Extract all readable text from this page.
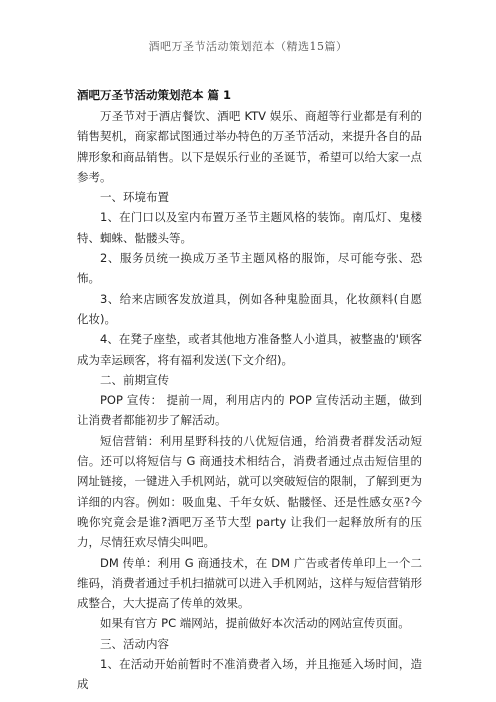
酒吧万圣节活动策划范本（精选15篇）
酒吧万圣节活动策划范本 篇 1

万圣节对于酒店餐饮、酒吧 KTV 娱乐、商超等行业都是有利的销售契机，商家都试图通过举办特色的万圣节活动，来提升各自的品牌形象和商品销售。以下是娱乐行业的圣诞节，希望可以给大家一点参考。

一、环境布置

1、在门口以及室内布置万圣节主题风格的装饰。南瓜灯、鬼楼特、蜘蛛、骷髅头等。

2、服务员统一换成万圣节主题风格的服饰，尽可能夸张、恐怖。

3、给来店顾客发放道具，例如各种鬼脸面具，化妆颜料(自愿化妆)。

4、在凳子座垫，或者其他地方准备整人小道具，被整蛊的'顾客成为幸运顾客，将有福利发送(下文介绍)。

二、前期宣传

POP 宣传： 提前一周，利用店内的 POP 宣传活动主题，做到让消费者都能初步了解活动。

短信营销：利用星野科技的八优短信通，给消费者群发活动短信。还可以将短信与 G 商通技术相结合，消费者通过点击短信里的网址链接，一键进入手机网站，就可以突破短信的限制，了解到更为详细的内容。例如：吸血鬼、千年女妖、骷髅怪、还是性感女巫?今晚你究竟会是谁?酒吧万圣节大型 party 让我们一起释放所有的压力，尽情狂欢尽情尖叫吧。

DM 传单：利用 G 商通技术，在 DM 广告或者传单印上一个二维码，消费者通过手机扫描就可以进入手机网站，这样与短信营销形成整合，大大提高了传单的效果。

如果有官方 PC 端网站，提前做好本次活动的网站宣传页面。

三、活动内容

1、在活动开始前暂时不准消费者入场，并且拖延入场时间，造成
